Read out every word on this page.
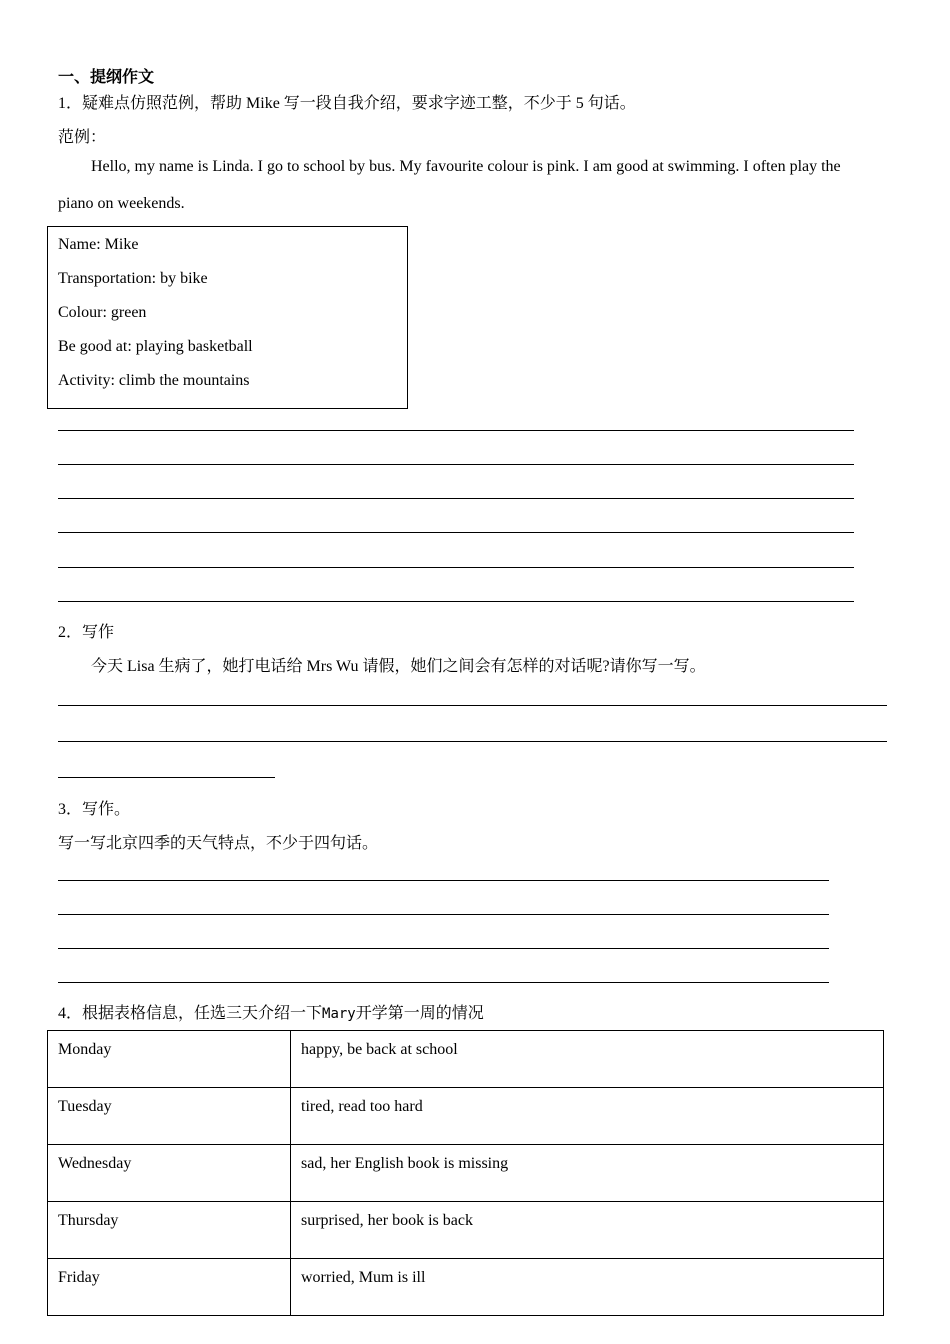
一、提纲作文
1．疑难点仿照范例，帮助 Mike 写一段自我介绍，要求字迹工整，不少于 5 句话。
范例：
Hello, my name is Linda. I go to school by bus. My favourite colour is pink. I am good at swimming. I often play the
piano on weekends.
Name: Mike
Transportation: by bike
Colour: green
Be good at: playing basketball
Activity: climb the mountains
2．写作
今天 Lisa 生病了，她打电话给 Mrs Wu 请假，她们之间会有怎样的对话呢?请你写一写。
3．写作。
写一写北京四季的天气特点，不少于四句话。
4．根据表格信息，任选三天介绍一下Mary开学第一周的情况
Monday	happy, be back at school
Tuesday	tired, read too hard
Wednesday	sad, her English book is missing
Thursday	surprised, her book is back
Friday	worried, Mum is ill
